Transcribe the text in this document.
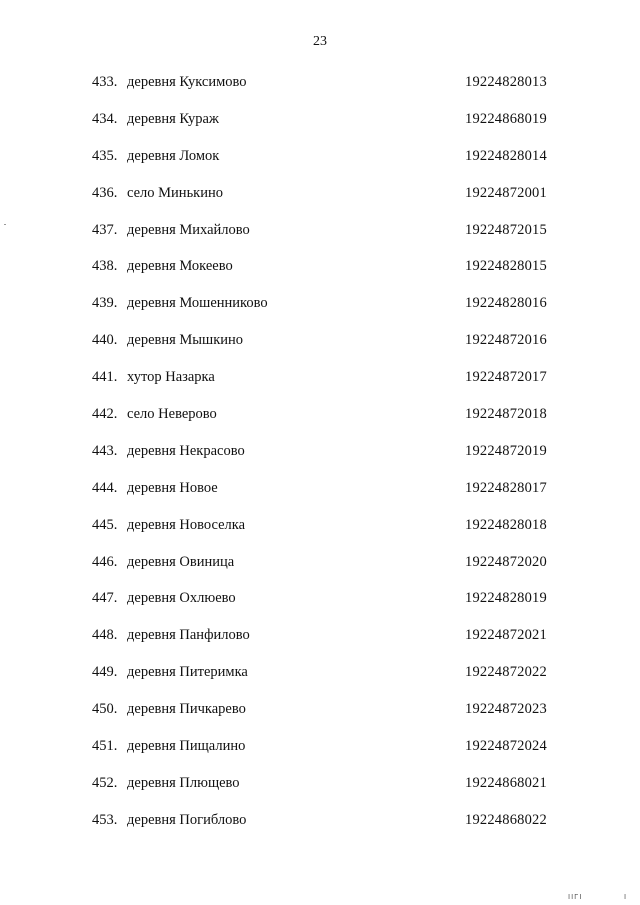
23
433. деревня Куксимово	19224828013
434. деревня Кураж	19224868019
435. деревня Ломок	19224828014
436. село Минькино	19224872001
437. деревня Михайлово	19224872015
438. деревня Мокеево	19224828015
439. деревня Мошенниково	19224828016
440. деревня Мышкино	19224872016
441. хутор Назарка	19224872017
442. село Неверово	19224872018
443. деревня Некрасово	19224872019
444. деревня Новое	19224828017
445. деревня Новоселка	19224828018
446. деревня Овиница	19224872020
447. деревня Охлюево	19224828019
448. деревня Панфилово	19224872021
449. деревня Питеримка	19224872022
450. деревня Пичкарево	19224872023
451. деревня Пищалино	19224872024
452. деревня Плющево	19224868021
453. деревня Погиблово	19224868022
ІІГІ	І
